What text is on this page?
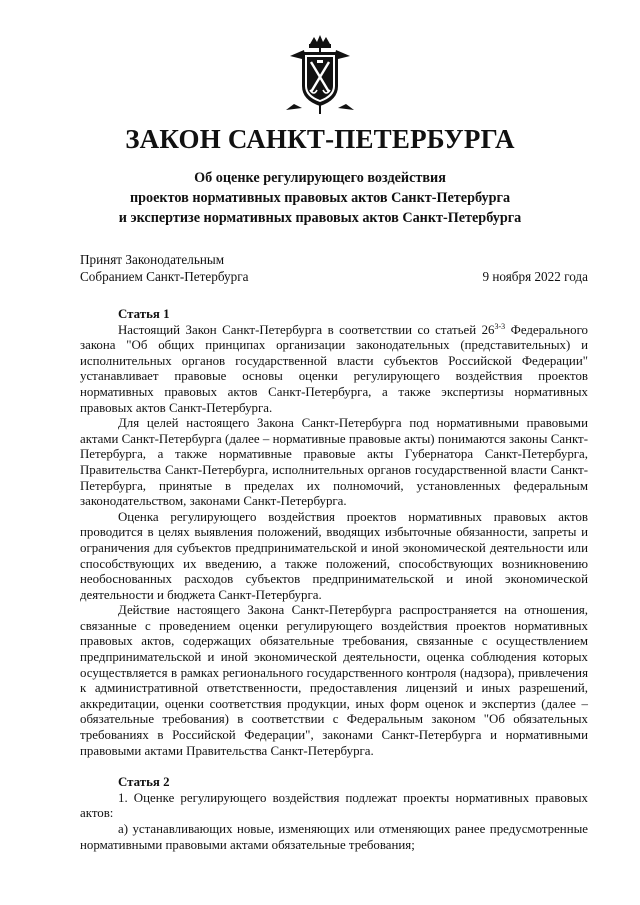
ЗАКОН САНКТ-ПЕТЕРБУРГА
Об оценке регулирующего воздействия
проектов нормативных правовых актов Санкт-Петербурга
и экспертизе нормативных правовых актов Санкт-Петербурга
Принят Законодательным
Собранием Санкт-Петербурга	9 ноября 2022 года

Статья 1

Настоящий Закон Санкт-Петербурга в соответствии со статьей 26$^{3-3}$ Федерального закона "Об общих принципах организации законодательных (представительных) и исполнительных органов государственной власти субъектов Российской Федерации" устанавливает правовые основы оценки регулирующего воздействия проектов нормативных правовых актов Санкт-Петербурга, а также экспертизы нормативных правовых актов Санкт-Петербурга.

Для целей настоящего Закона Санкт-Петербурга под нормативными правовыми актами Санкт-Петербурга (далее – нормативные правовые акты) понимаются законы Санкт-Петербурга, а также нормативные правовые акты Губернатора Санкт-Петербурга, Правительства Санкт-Петербурга, исполнительных органов государственной власти Санкт-Петербурга, принятые в пределах их полномочий, установленных федеральным законодательством, законами Санкт-Петербурга.

Оценка регулирующего воздействия проектов нормативных правовых актов проводится в целях выявления положений, вводящих избыточные обязанности, запреты и ограничения для субъектов предпринимательской и иной экономической деятельности или способствующих их введению, а также положений, способствующих возникновению необоснованных расходов субъектов предпринимательской и иной экономической деятельности и бюджета Санкт-Петербурга.

Действие настоящего Закона Санкт-Петербурга распространяется на отношения, связанные с проведением оценки регулирующего воздействия проектов нормативных правовых актов, содержащих обязательные требования, связанные с осуществлением предпринимательской и иной экономической деятельности, оценка соблюдения которых осуществляется в рамках регионального государственного контроля (надзора), привлечения к административной ответственности, предоставления лицензий и иных разрешений, аккредитации, оценки соответствия продукции, иных форм оценок и экспертиз (далее – обязательные требования) в соответствии с Федеральным законом "Об обязательных требованиях в Российской Федерации", законами Санкт-Петербурга и нормативными правовыми актами Правительства Санкт-Петербурга.

Статья 2

1. Оценке регулирующего воздействия подлежат проекты нормативных правовых актов:

а) устанавливающих новые, изменяющих или отменяющих ранее предусмотренные нормативными правовыми актами обязательные требования;
